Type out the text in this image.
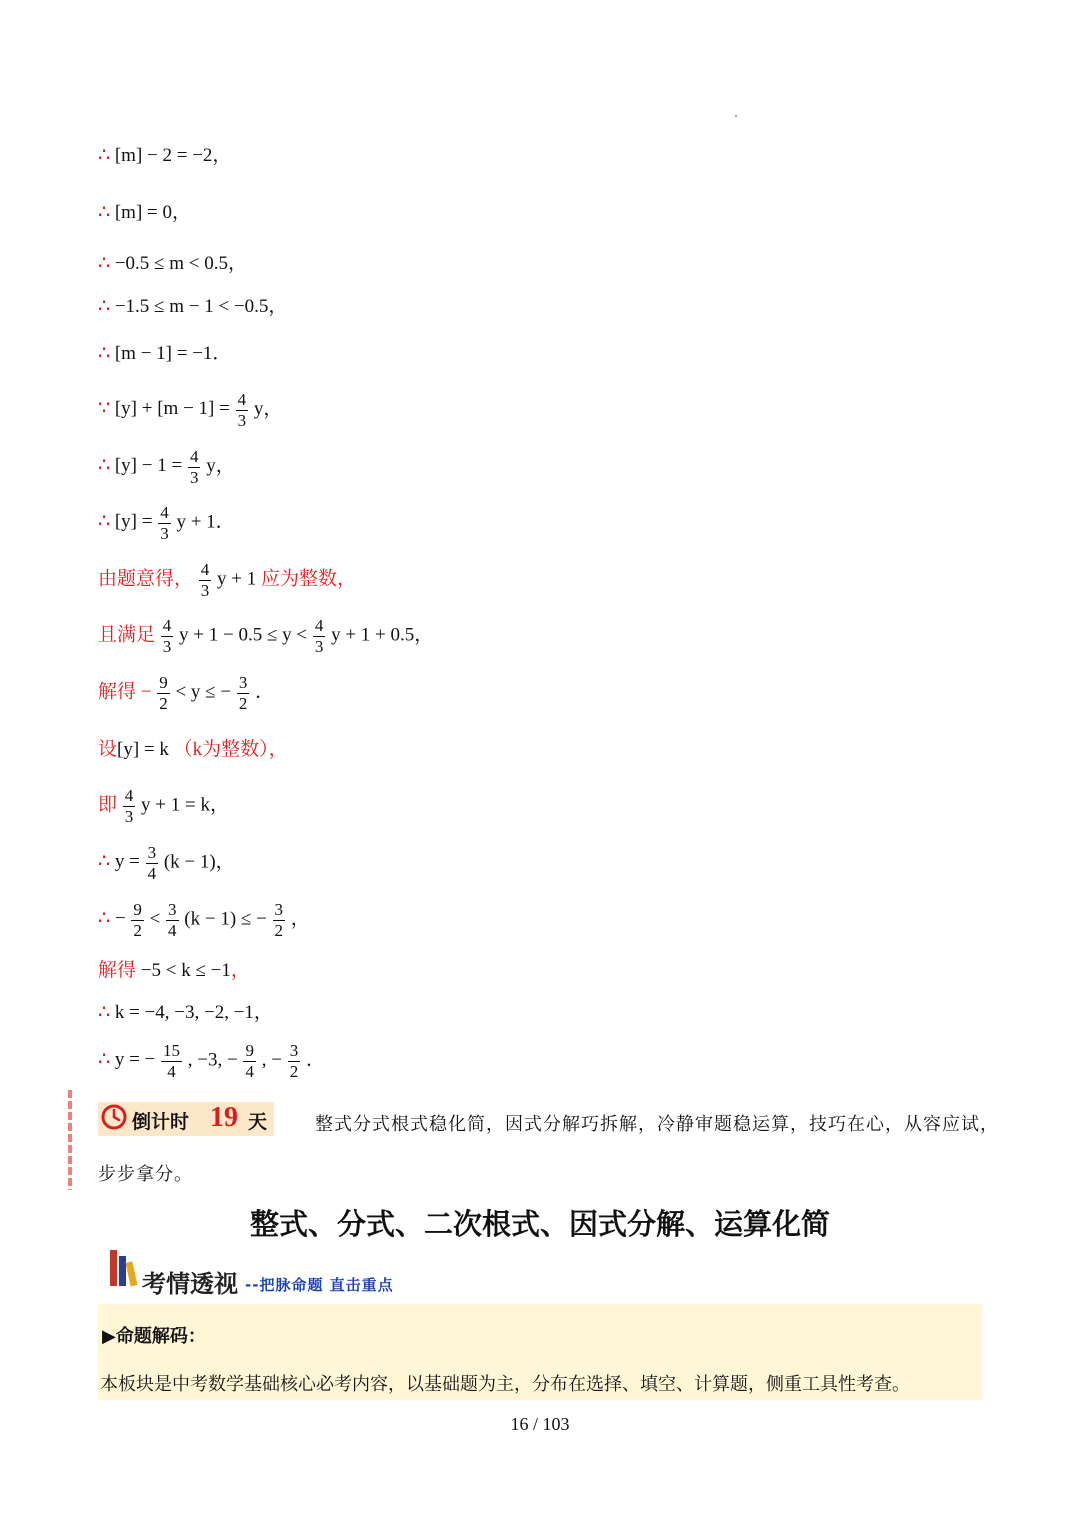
∴ [m] − 2 = −2，
∴ [m] = 0，
∴ −0.5 ≤ m < 0.5，
∴ −1.5 ≤ m − 1 < −0.5，
∴ [m − 1] = −1．
∵ $[y] + [m - 1] = \frac{4}{3}$ y，
∴ $[y] - 1 = \frac{4}{3}$ y，
∴ $[y] = \frac{4}{3}$ y + 1．
由题意得， $\frac{4}{3}$ y + 1 应为整数，
且满足 $\frac{4}{3}$ $y + 1 - 0.5 \le y < \frac{4}{3}$ y + 1 + 0.5，
解得 − $\frac{9}{2} < y$ ≤ − $\frac{3}{2}$ ．
设[y] = k （k为整数），
即 $\frac{4}{3}$ y + 1 = k，
∴ $y = \frac{3}{4} (k - 1)$，
∴ − $\frac{9}{2} < \frac{3}{4} (k - 1)$ ≤ − $\frac{3}{2}$ ，
解得 −5 < k ≤ −1，
∴ k = −4, −3, −2, −1，
∴ y = − $\frac{15}{4}$ , −3, − $\frac{9}{4}$ , − $\frac{3}{2}$ ．
倒计时 19 天	整式分式根式稳化简，因式分解巧拆解，冷静审题稳运算，技巧在心，从容应试，
步步拿分。
整式、分式、二次根式、因式分解、运算化简
考情透视 --把脉命题 直击重点
▶命题解码：
本板块是中考数学基础核心必考内容，以基础题为主，分布在选择、填空、计算题，侧重工具性考查。
16 / 103
